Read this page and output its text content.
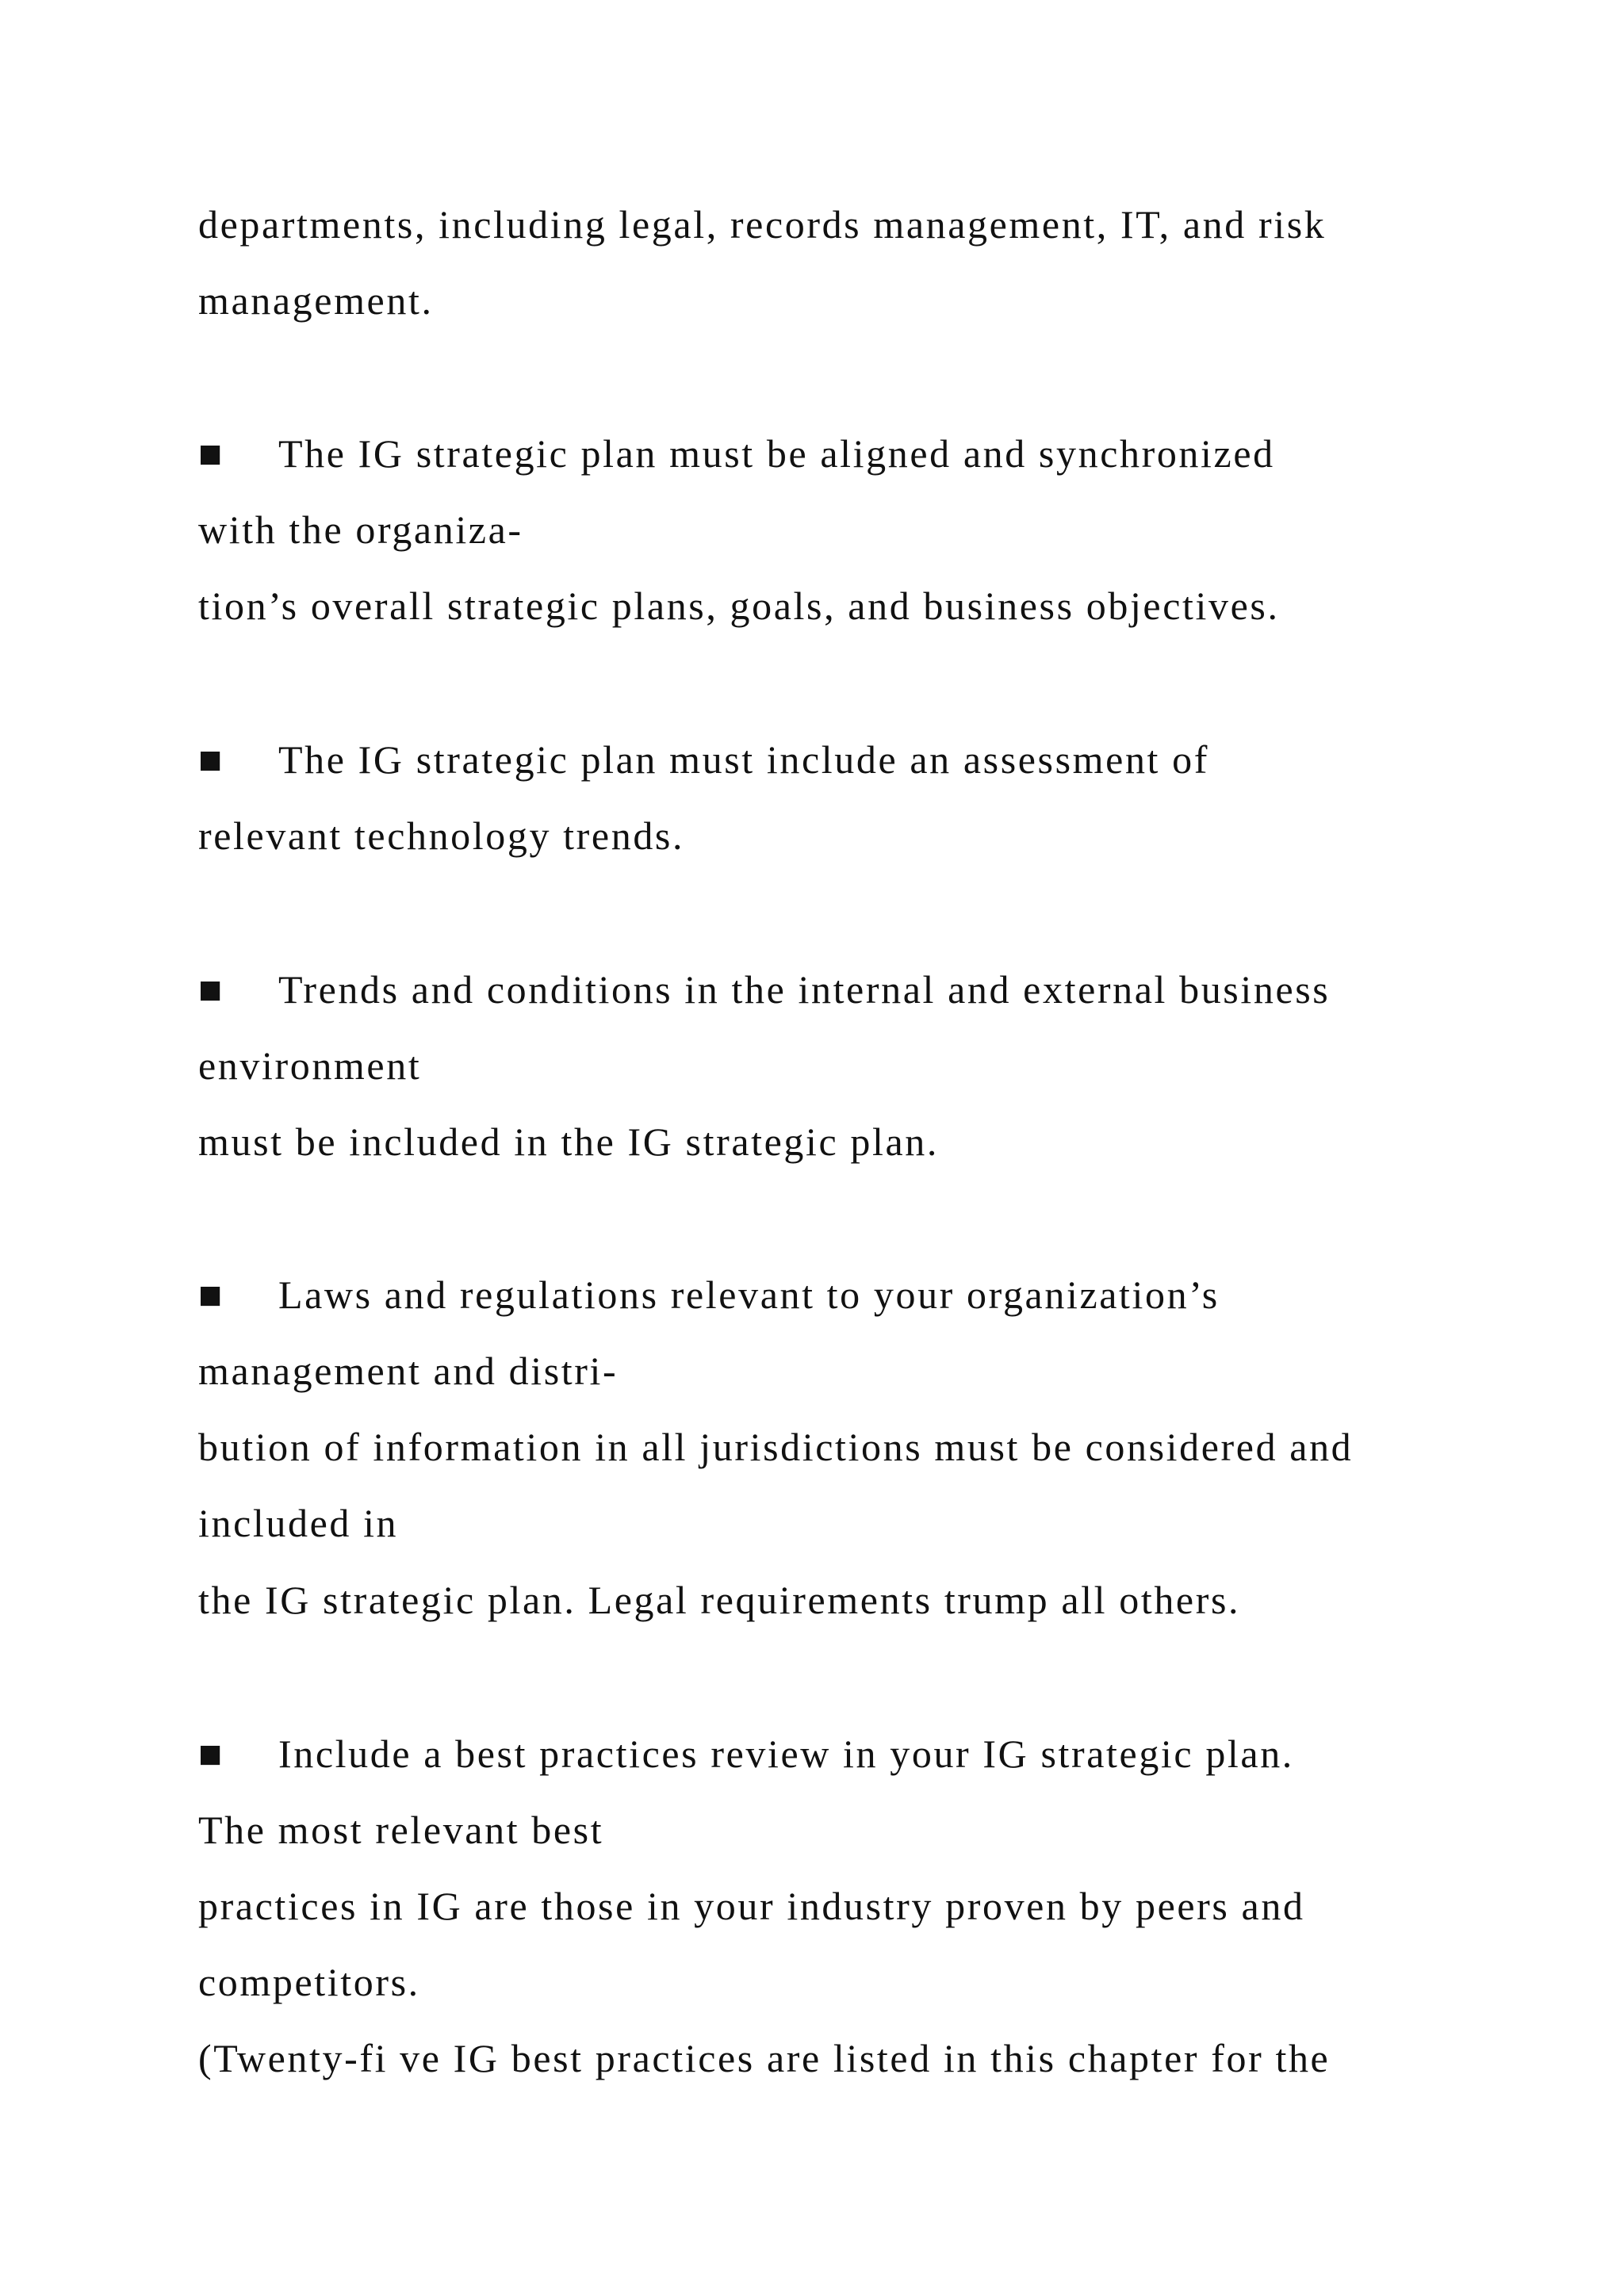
departments, including legal, records management, IT, and risk
management.
■ The IG strategic plan must be aligned and synchronized
with the organiza-
tion’s overall strategic plans, goals, and business objectives.
■ The IG strategic plan must include an assessment of
relevant technology trends.
■ Trends and conditions in the internal and external business
environment
must be included in the IG strategic plan.
■ Laws and regulations relevant to your organization’s
management and distri-
bution of information in all jurisdictions must be considered and
included in
the IG strategic plan. Legal requirements trump all others.
■ Include a best practices review in your IG strategic plan.
The most relevant best
practices in IG are those in your industry proven by peers and
competitors.
(Twenty-fi ve IG best practices are listed in this chapter for the
